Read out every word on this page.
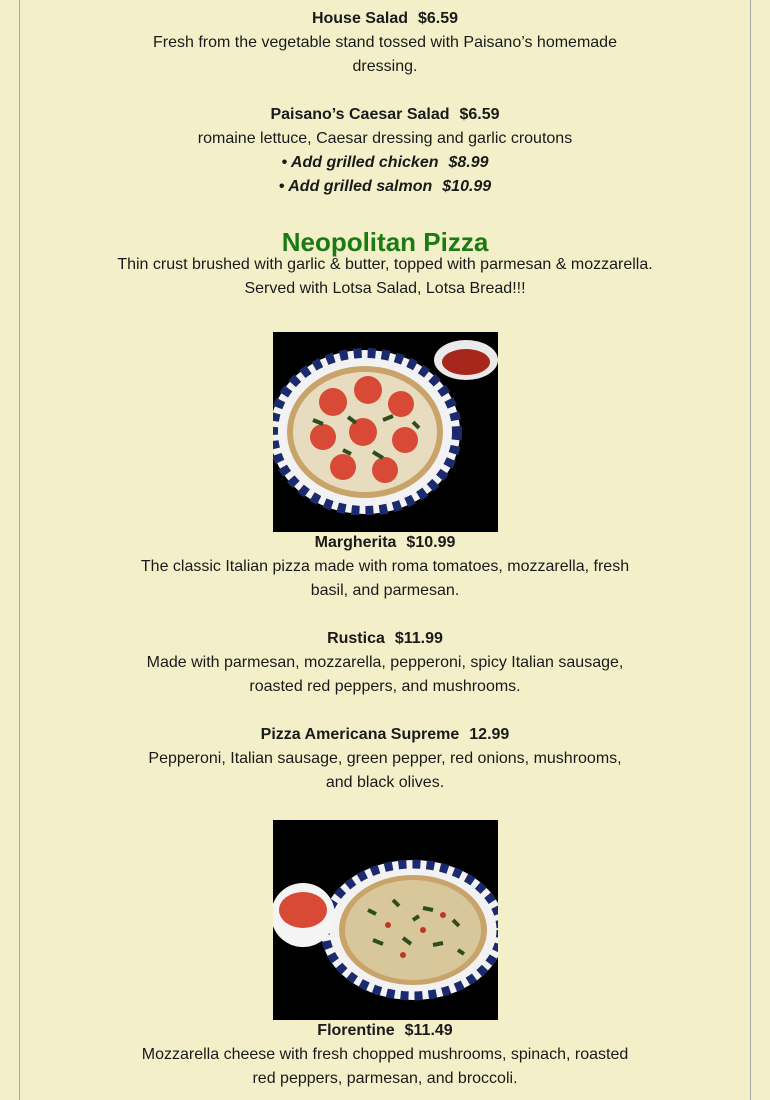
House Salad $6.59
Fresh from the vegetable stand tossed with Paisano’s homemade
dressing.
Paisano’s Caesar Salad $6.59
romaine lettuce, Caesar dressing and garlic croutons
• Add grilled chicken $8.99
• Add grilled salmon $10.99
Neopolitan Pizza
Thin crust brushed with garlic & butter, topped with parmesan & mozzarella.
Served with Lotsa Salad, Lotsa Bread!!!
Margherita $10.99
The classic Italian pizza made with roma tomatoes, mozzarella, fresh
basil, and parmesan.
Rustica $11.99
Made with parmesan, mozzarella, pepperoni, spicy Italian sausage,
roasted red peppers, and mushrooms.
Pizza Americana Supreme 12.99
Pepperoni, Italian sausage, green pepper, red onions, mushrooms,
and black olives.
Florentine $11.49
Mozzarella cheese with fresh chopped mushrooms, spinach, roasted
red peppers, parmesan, and broccoli.
